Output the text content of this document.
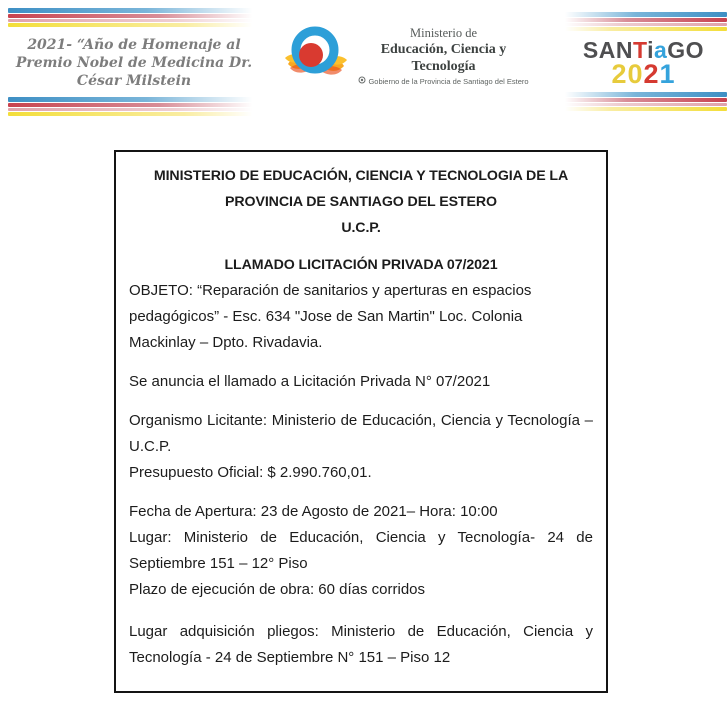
2021- “Año de Homenaje al
Premio Nobel de Medicina Dr. César Milstein
Ministerio de
Educación, Ciencia y Tecnología
Gobierno de la Provincia de Santiago del Estero
SANTiaGO
2021
MINISTERIO DE EDUCACIÓN, CIENCIA Y TECNOLOGIA DE LA
PROVINCIA DE SANTIAGO DEL ESTERO
U.C.P.
LLAMADO LICITACIÓN PRIVADA 07/2021
OBJETO: “Reparación de sanitarios y aperturas en espacios pedagógicos” - Esc. 634 "Jose de San Martin" Loc. Colonia Mackinlay – Dpto. Rivadavia.
Se anuncia el llamado a Licitación Privada N° 07/2021
Organismo Licitante: Ministerio de Educación, Ciencia y Tecnología – U.C.P.
Presupuesto Oficial: $ 2.990.760,01.
Fecha de Apertura: 23 de Agosto de 2021– Hora: 10:00
Lugar: Ministerio de Educación, Ciencia y Tecnología- 24 de Septiembre 151 – 12° Piso
Plazo de ejecución de obra: 60 días corridos
Lugar adquisición pliegos: Ministerio de Educación, Ciencia y Tecnología - 24 de Septiembre N° 151 – Piso 12
